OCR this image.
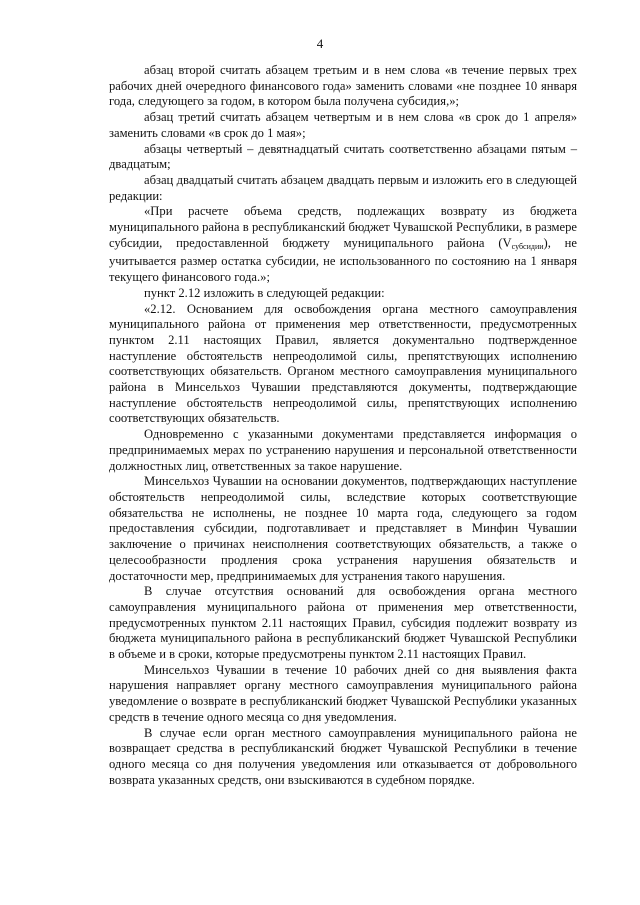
4

абзац второй считать абзацем третьим и в нем слова «в течение первых трех рабочих дней очередного финансового года» заменить словами «не позднее 10 января года, следующего за годом, в котором была получена субсидия,»;

абзац третий считать абзацем четвертым и в нем слова «в срок до 1 апреля» заменить словами «в срок до 1 мая»;

абзацы четвертый – девятнадцатый считать соответственно абзацами пятым – двадцатым;

абзац двадцатый считать абзацем двадцать первым и изложить его в следующей редакции:

«При расчете объема средств, подлежащих возврату из бюджета муниципального района в республиканский бюджет Чувашской Республики, в размере субсидии, предоставленной бюджету муниципального района $(V_{субсидии})$, не учитывается размер остатка субсидии, не использованного по состоянию на 1 января текущего финансового года.»;

пункт 2.12 изложить в следующей редакции:

«2.12. Основанием для освобождения органа местного самоуправления муниципального района от применения мер ответственности, предусмотренных пунктом 2.11 настоящих Правил, является документально подтвержденное наступление обстоятельств непреодолимой силы, препятствующих исполнению соответствующих обязательств. Органом местного самоуправления муниципального района в Минсельхоз Чувашии представляются документы, подтверждающие наступление обстоятельств непреодолимой силы, препятствующих исполнению соответствующих обязательств.

Одновременно с указанными документами представляется информация о предпринимаемых мерах по устранению нарушения и персональной ответственности должностных лиц, ответственных за такое нарушение.

Минсельхоз Чувашии на основании документов, подтверждающих наступление обстоятельств непреодолимой силы, вследствие которых соответствующие обязательства не исполнены, не позднее 10 марта года, следующего за годом предоставления субсидии, подготавливает и представляет в Минфин Чувашии заключение о причинах неисполнения соответствующих обязательств, а также о целесообразности продления срока устранения нарушения обязательств и достаточности мер, предпринимаемых для устранения такого нарушения.

В случае отсутствия оснований для освобождения органа местного самоуправления муниципального района от применения мер ответственности, предусмотренных пунктом 2.11 настоящих Правил, субсидия подлежит возврату из бюджета муниципального района в республиканский бюджет Чувашской Республики в объеме и в сроки, которые предусмотрены пунктом 2.11 настоящих Правил.

Минсельхоз Чувашии в течение 10 рабочих дней со дня выявления факта нарушения направляет органу местного самоуправления муниципального района уведомление о возврате в республиканский бюджет Чувашской Республики указанных средств в течение одного месяца со дня уведомления.

В случае если орган местного самоуправления муниципального района не возвращает средства в республиканский бюджет Чувашской Республики в течение одного месяца со дня получения уведомления или отказывается от добровольного возврата указанных средств, они взыскиваются в судебном порядке.
